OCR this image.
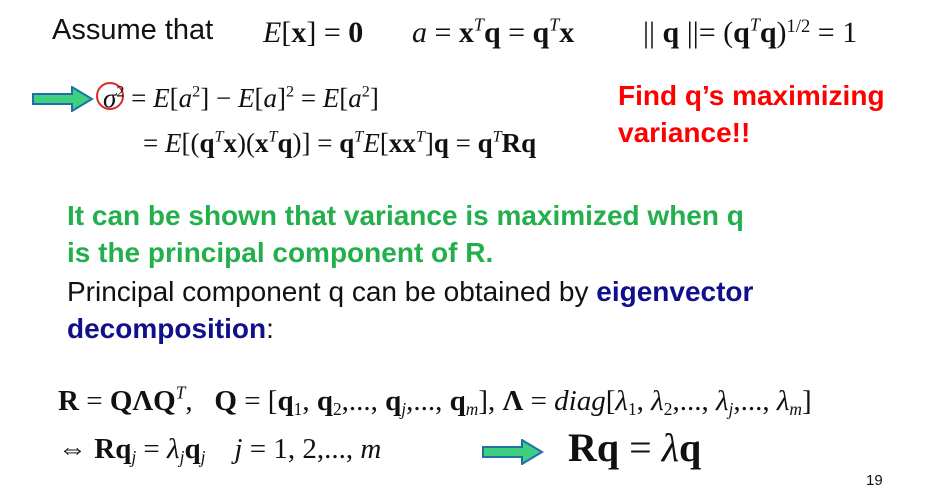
Assume that E[x] = 0 $a = x^Tq = q^Tx$ || q ||= $(q^Tq)^{1/2} = 1$
$\sigma^2 = E[a^2] - E[a]^2 = E[a^2]$
= $E[(q^Tx)(x^Tq)] = q^TE[xx^T]q = q^TRq$
Find q’s maximizing
variance!!
It can be shown that variance is maximized when q
is the principal component of R.
Principal component q can be obtained by eigenvector
decomposition:
$R = Q\Lambda Q^T$,   $Q = [q_1$, $q_2$,..., $q_j$,..., $q_m$], $\Lambda = diag[\lambda_1$, $\lambda_2$,..., $\lambda_j$,..., $\lambda_m$]
⇔ $Rq_j = \lambda_jq_j$ j = 1, 2,..., m	Rq = λq
19
